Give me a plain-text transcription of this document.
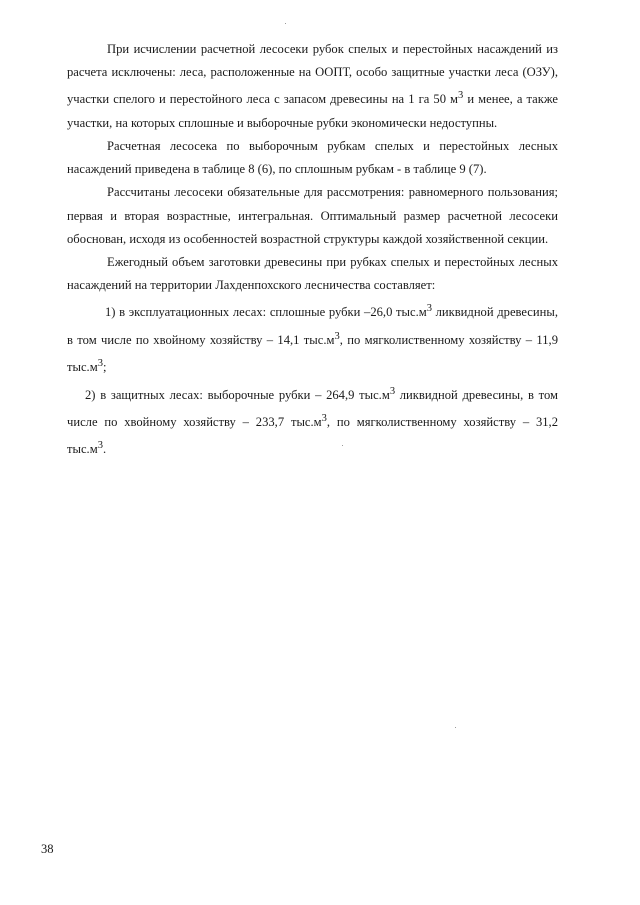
При исчислении расчетной лесосеки рубок спелых и перестойных насаждений из расчета исключены: леса, расположенные на ООПТ, особо защитные участки леса (ОЗУ), участки спелого и перестойного леса с запасом древесины на 1 га 50 $м^3$ и менее, а также участки, на которых сплошные и выборочные рубки экономически недоступны.

Расчетная лесосека по выборочным рубкам спелых и перестойных лесных насаждений приведена в таблице 8 (6), по сплошным рубкам - в таблице 9 (7).

Рассчитаны лесосеки обязательные для рассмотрения: равномерного пользования; первая и вторая возрастные, интегральная. Оптимальный размер расчетной лесосеки обоснован, исходя из особенностей возрастной структуры каждой хозяйственной секции.

Ежегодный объем заготовки древесины при рубках спелых и перестойных лесных насаждений на территории Лахденпохского лесничества составляет:

1) в эксплуатационных лесах: сплошные рубки –26,0 $тыс.м^3$ ликвидной древесины, в том числе по хвойному хозяйству – 14,1 $тыс.м^3$, по мягколиственному хозяйству – 11,9 $тыс.м^3$;

2) в защитных лесах: выборочные рубки – 264,9 $тыс.м^3$ ликвидной древесины, в том числе по хвойному хозяйству – 233,7 $тыс.м^3$, по мягколиственному хозяйству – 31,2 $тыс.м^3$.

38
